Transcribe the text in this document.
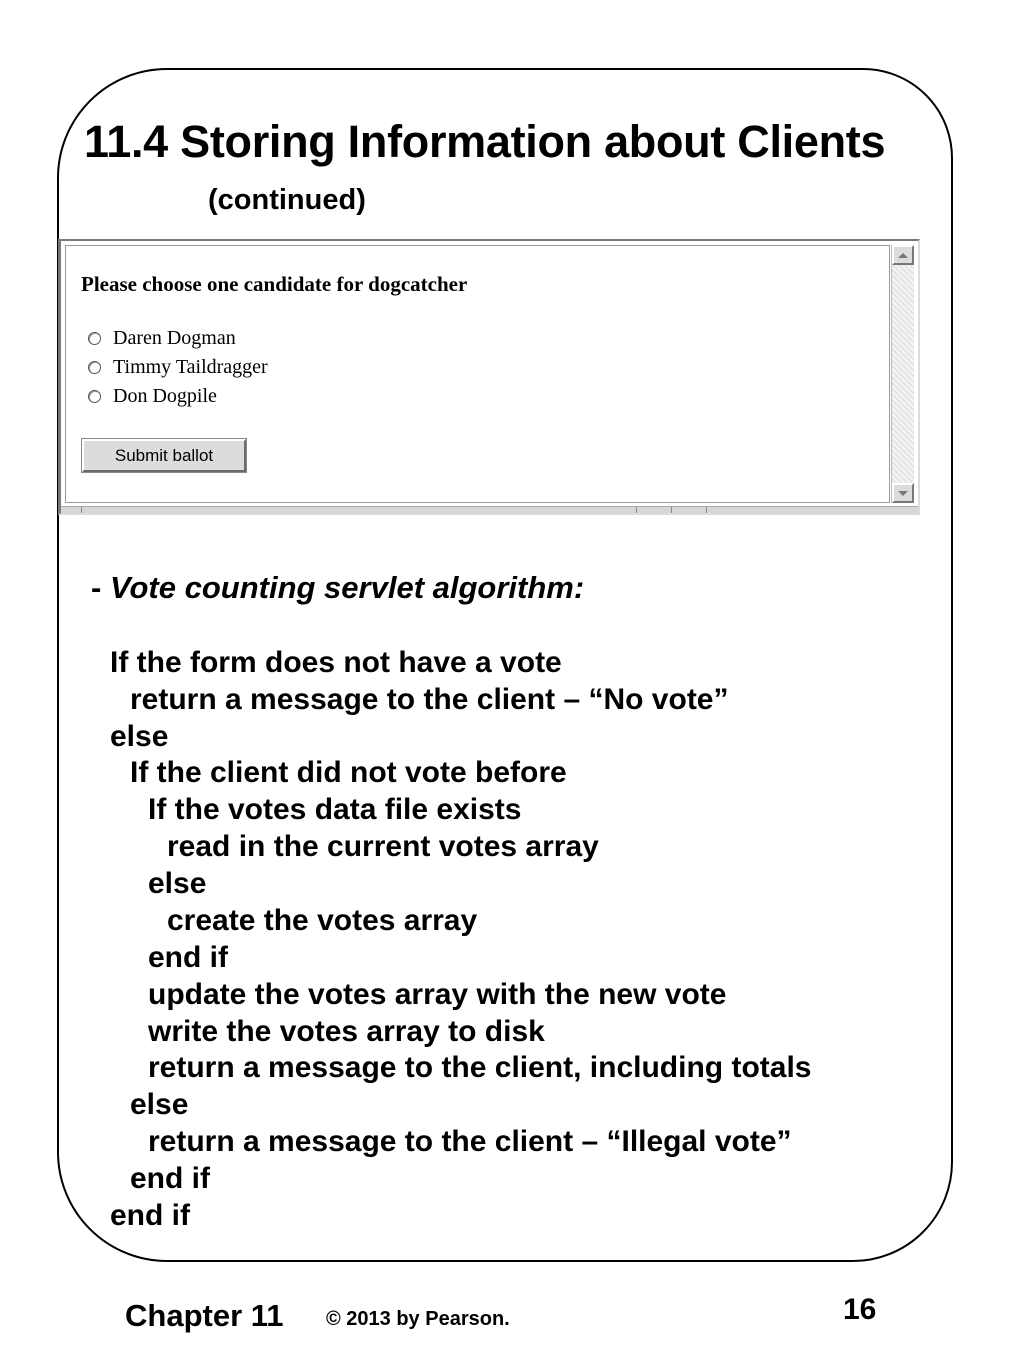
11.4 Storing Information about Clients
(continued)
Please choose one candidate for dogcatcher
Daren Dogman
Timmy Taildragger
Don Dogpile
Submit ballot
- Vote counting servlet algorithm:

If the form does not have a vote

return a message to the client – “No vote”

else

If the client did not vote before

If the votes data file exists

read in the current votes array

else

create the votes array

end if

update the votes array with the new vote

write the votes array to disk

return a message to the client, including totals

else

return a message to the client – “Illegal vote”

end if

end if

Chapter 11 © 2013 by Pearson.	16
